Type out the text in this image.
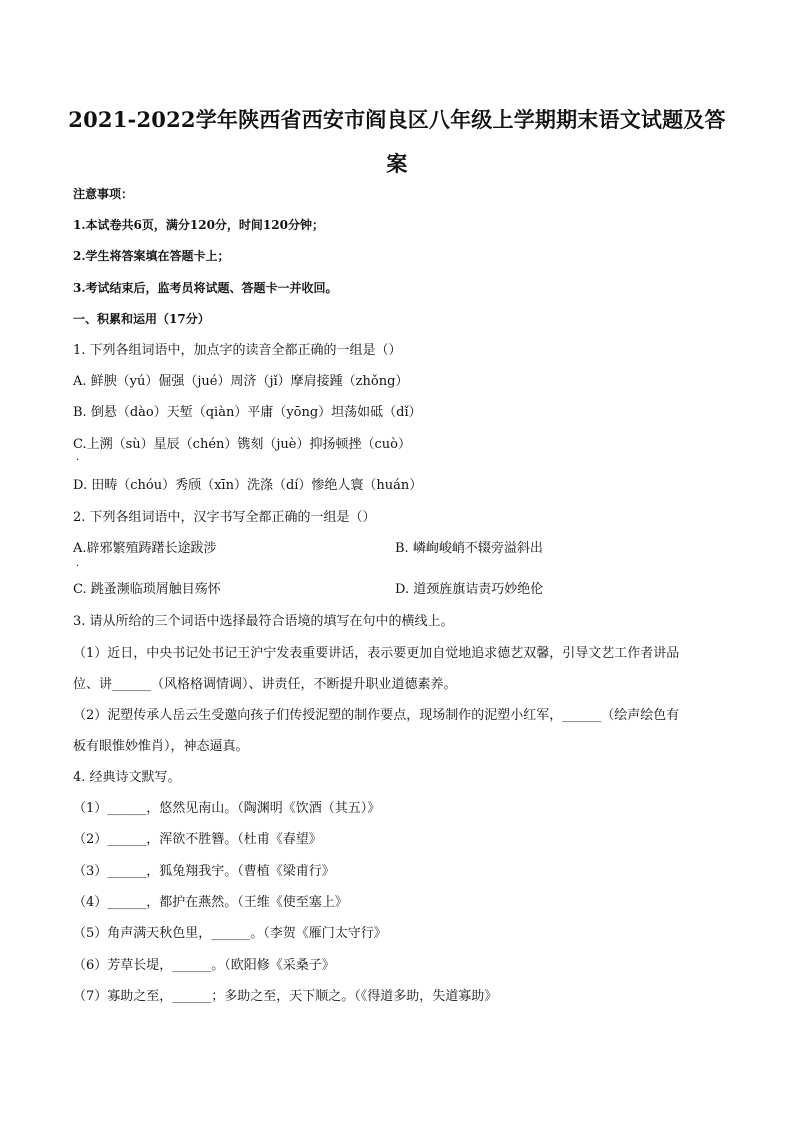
2021-2022学年陕西省西安市阎良区八年级上学期期末语文试题及答
案
注意事项：
1.本试卷共6页，满分120分，时间120分钟；
2.学生将答案填在答题卡上；
3.考试结束后，监考员将试题、答题卡一并收回。
一、积累和运用（17分）
1. 下列各组词语中，加点字的读音全都正确的一组是（）
A. 鲜腴（yú）倔强（jué）周济（jǐ）摩肩接踵（zhǒng）
B. 倒悬（dào）天堑（qiàn）平庸（yōng）坦荡如砥（dǐ）
C.上溯（sù）星辰（chén）镌刻（juè）抑扬顿挫（cuò）
·
D. 田畴（chóu）秀颀（xīn）洗涤（dí）惨绝人寰（huán）
2. 下列各组词语中，汉字书写全都正确的一组是（）
A.辟邪繁殖踌躇长途跋涉	B. 嶙峋峻峭不辍旁溢斜出
·
C. 跳蚤濒临琐屑触目殇怀	D. 道颈旌旗诘责巧妙绝伦
3. 请从所给的三个词语中选择最符合语境的填写在句中的横线上。
（1）近日，中央书记处书记王沪宁发表重要讲话，表示要更加自觉地追求德艺双馨，引导文艺工作者讲品
位、讲______（风格格调情调）、讲责任，不断提升职业道德素养。
（2）泥塑传承人岳云生受邀向孩子们传授泥塑的制作要点，现场制作的泥塑小红军，______（绘声绘色有
板有眼惟妙惟肖），神态逼真。
4. 经典诗文默写。
（1）______，悠然见南山。（陶渊明《饮酒（其五）》
（2）______，浑欲不胜簪。（杜甫《春望》
（3）______，狐兔翔我宇。（曹植《梁甫行》
（4）______，都护在燕然。（王维《使至塞上》
（5）角声满天秋色里，______。（李贺《雁门太守行》
（6）芳草长堤，______。（欧阳修《采桑子》
（7）寡助之至，______；多助之至，天下顺之。（《得道多助，失道寡助》
